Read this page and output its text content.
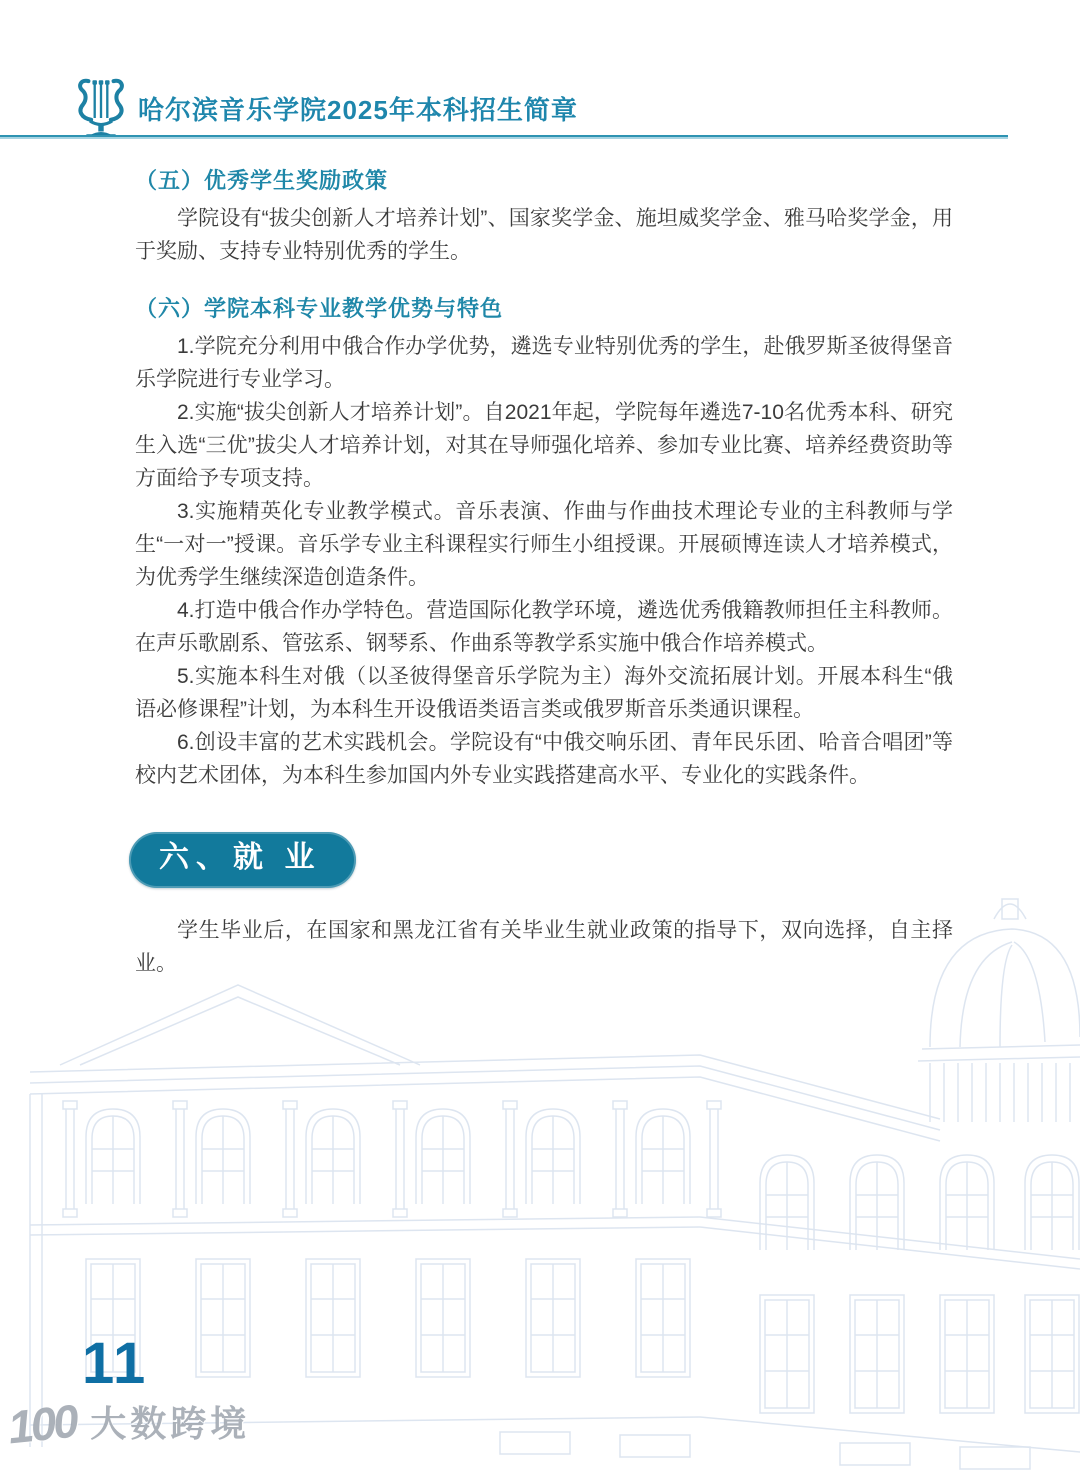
哈尔滨音乐学院2025年本科招生简章
（五）优秀学生奖励政策

学院设有“拔尖创新人才培养计划”、国家奖学金、施坦威奖学金、雅马哈奖学金，用于奖励、支持专业特别优秀的学生。

（六）学院本科专业教学优势与特色

1.学院充分利用中俄合作办学优势，遴选专业特别优秀的学生，赴俄罗斯圣彼得堡音乐学院进行专业学习。

2.实施“拔尖创新人才培养计划”。自2021年起，学院每年遴选7-10名优秀本科、研究生入选“三优”拔尖人才培养计划，对其在导师强化培养、参加专业比赛、培养经费资助等方面给予专项支持。

3.实施精英化专业教学模式。音乐表演、作曲与作曲技术理论专业的主科教师与学生“一对一”授课。音乐学专业主科课程实行师生小组授课。开展硕博连读人才培养模式，为优秀学生继续深造创造条件。

4.打造中俄合作办学特色。营造国际化教学环境，遴选优秀俄籍教师担任主科教师。在声乐歌剧系、管弦系、钢琴系、作曲系等教学系实施中俄合作培养模式。

5.实施本科生对俄（以圣彼得堡音乐学院为主）海外交流拓展计划。开展本科生“俄语必修课程”计划，为本科生开设俄语类语言类或俄罗斯音乐类通识课程。

6.创设丰富的艺术实践机会。学院设有“中俄交响乐团、青年民乐团、哈音合唱团”等校内艺术团体，为本科生参加国内外专业实践搭建高水平、专业化的实践条件。

六、就 业

学生毕业后，在国家和黑龙江省有关毕业生就业政策的指导下，双向选择，自主择业。

11
100 大数跨境
